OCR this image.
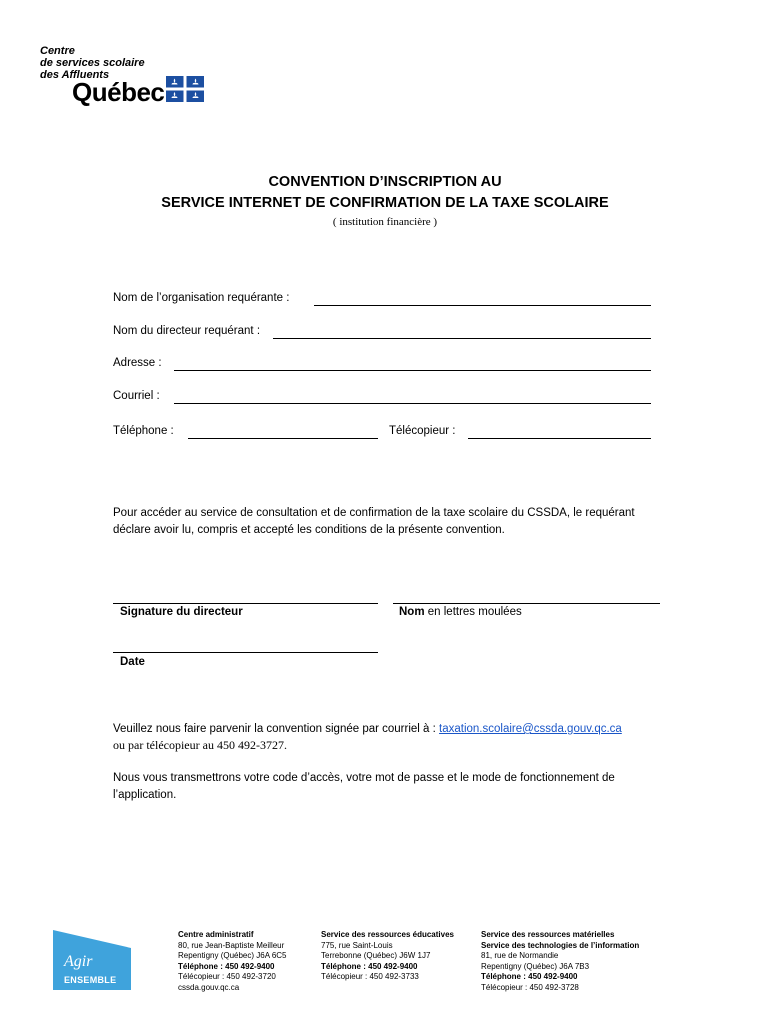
Centre
de services scolaire
des Affluents
Québec
CONVENTION D’INSCRIPTION AU
SERVICE INTERNET DE CONFIRMATION DE LA TAXE SCOLAIRE
( institution financière )
Nom de l’organisation requérante :
Nom du directeur requérant :
Adresse :
Courriel :
Téléphone :	Télécopieur :
Pour accéder au service de consultation et de confirmation de la taxe scolaire du CSSDA, le requérant déclare avoir lu, compris et accepté les conditions de la présente convention.
Signature du directeur	Nom en lettres moulées
Date
Veuillez nous faire parvenir la convention signée par courriel à : taxation.scolaire@cssda.gouv.qc.ca
ou par télécopieur au 450 492-3727.
Nous vous transmettrons votre code d’accès, votre mot de passe et le mode de fonctionnement de l’application.
Agir
ENSEMBLE
Centre administratif
80, rue Jean-Baptiste Meilleur
Repentigny (Québec) J6A 6C5
Téléphone : 450 492-9400
Télécopieur : 450 492-3720
cssda.gouv.qc.ca
Service des ressources éducatives
775, rue Saint-Louis
Terrebonne (Québec) J6W 1J7
Téléphone : 450 492-9400
Télécopieur : 450 492-3733
Service des ressources matérielles
Service des technologies de l’information
81, rue de Normandie
Repentigny (Québec) J6A 7B3
Téléphone : 450 492-9400
Télécopieur : 450 492-3728
